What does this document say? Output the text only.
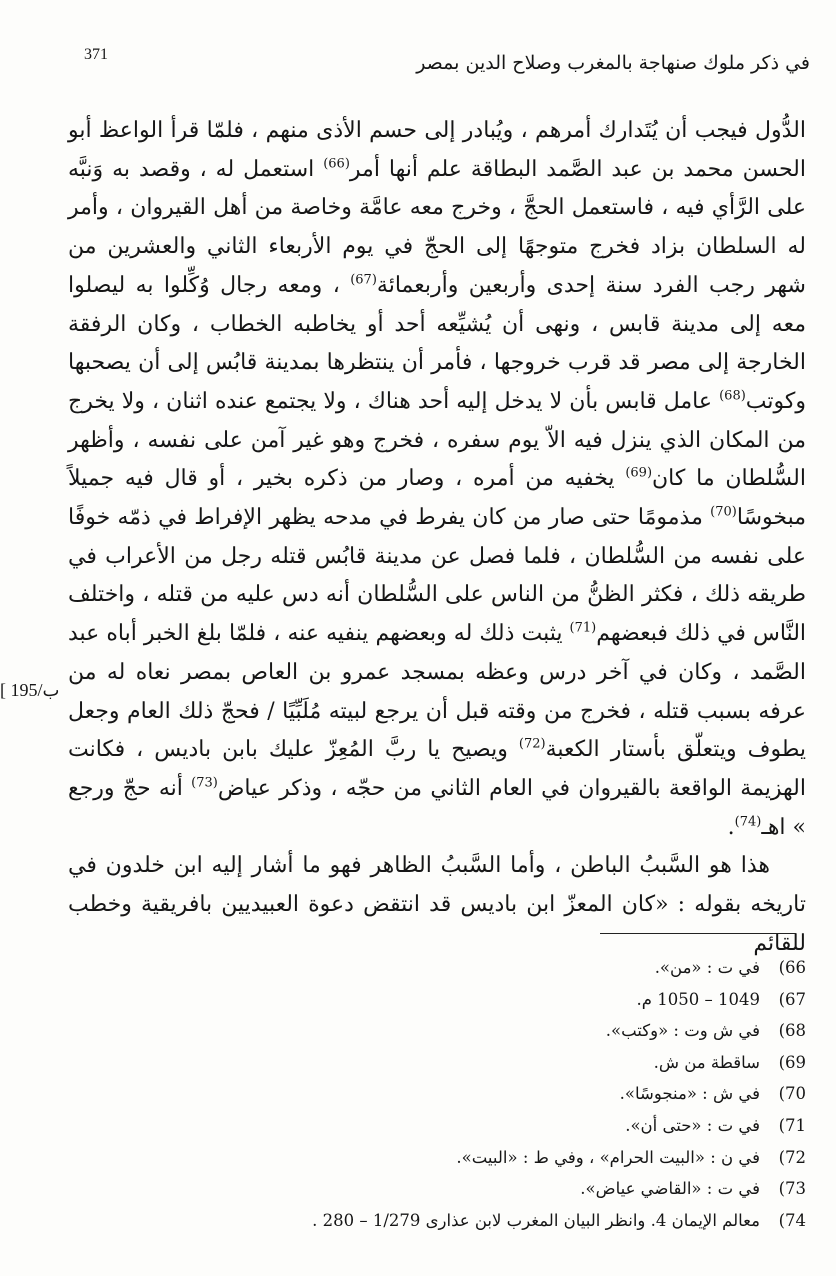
371	في ذكر ملوك صنهاجة بالمغرب وصلاح الدين بمصر
[ 195/ب

الدُّول فيجب أن يُتَدارك أمرهم ، ويُبادر إلى حسم الأذى منهم ، فلمّا قرأ الواعظ أبو الحسن محمد بن عبد الصَّمد البطاقة علم أنها أمر$^{(66)}$ استعمل له ، وقصد به وَنبَّه على الرَّأي فيه ، فاستعمل الحجَّ ، وخرج معه عامَّة وخاصة من أهل القيروان ، وأمر له السلطان بزاد فخرج متوجهًا إلى الحجّ في يوم الأربعاء الثاني والعشرين من شهر رجب الفرد سنة إحدى وأربعين وأربعمائة$^{(67)}$ ، ومعه رجال وُكِّلوا به ليصلوا معه إلى مدينة قابس ، ونهى أن يُشيِّعه أحد أو يخاطبه الخطاب ، وكان الرفقة الخارجة إلى مصر قد قرب خروجها ، فأمر أن ينتظرها بمدينة قابُس إلى أن يصحبها وكوتب$^{(68)}$ عامل قابس بأن لا يدخل إليه أحد هناك ، ولا يجتمع عنده اثنان ، ولا يخرج من المكان الذي ينزل فيه الاّ يوم سفره ، فخرج وهو غير آمن على نفسه ، وأظهر السُّلطان ما كان$^{(69)}$ يخفيه من أمره ، وصار من ذكره بخير ، أو قال فيه جميلاً مبخوسًا$^{(70)}$ مذمومًا حتى صار من كان يفرط في مدحه يظهر الإفراط في ذمّه خوفًا على نفسه من السُّلطان ، فلما فصل عن مدينة قابُس قتله رجل من الأعراب في طريقه ذلك ، فكثر الظنُّ من الناس على السُّلطان أنه دس عليه من قتله ، واختلف النَّاس في ذلك فبعضهم$^{(71)}$ يثبت ذلك له وبعضهم ينفيه عنه ، فلمّا بلغ الخبر أباه عبد الصَّمد ، وكان في آخر درس وعظه بمسجد عمرو بن العاص بمصر نعاه له من عرفه بسبب قتله ، فخرج من وقته قبل أن يرجع لبيته مُلَبِّيًا / فحجّ ذلك العام وجعل يطوف ويتعلّق بأستار الكعبة$^{(72)}$ ويصيح يا ربَّ المُعِزّ عليك بابن باديس ، فكانت الهزيمة الواقعة بالقيروان في العام الثاني من حجّه ، وذكر عياض$^{(73)}$ أنه حجّ ورجع » اهـ$^{(74)}$.

هذا هو السَّببُ الباطن ، وأما السَّببُ الظاهر فهو ما أشار إليه ابن خلدون في تاريخه بقوله : «كان المعزّ ابن باديس قد انتقض دعوة العبيديين بافريقية وخطب للقائم

66)في ت : «من».
67)1049 – 1050 م.
68)في ش وت : «وكتب».
69)ساقطة من ش.
70)في ش : «منجوسًا».
71)في ت : «حتى أن».
72)في ن : «البيت الحرام» ، وفي ط : «البيت».
73)في ت : «القاضي عياض».
74)معالم الإيمان 4. وانظر البيان المغرب لابن عذارى 1/279 – 280 .
